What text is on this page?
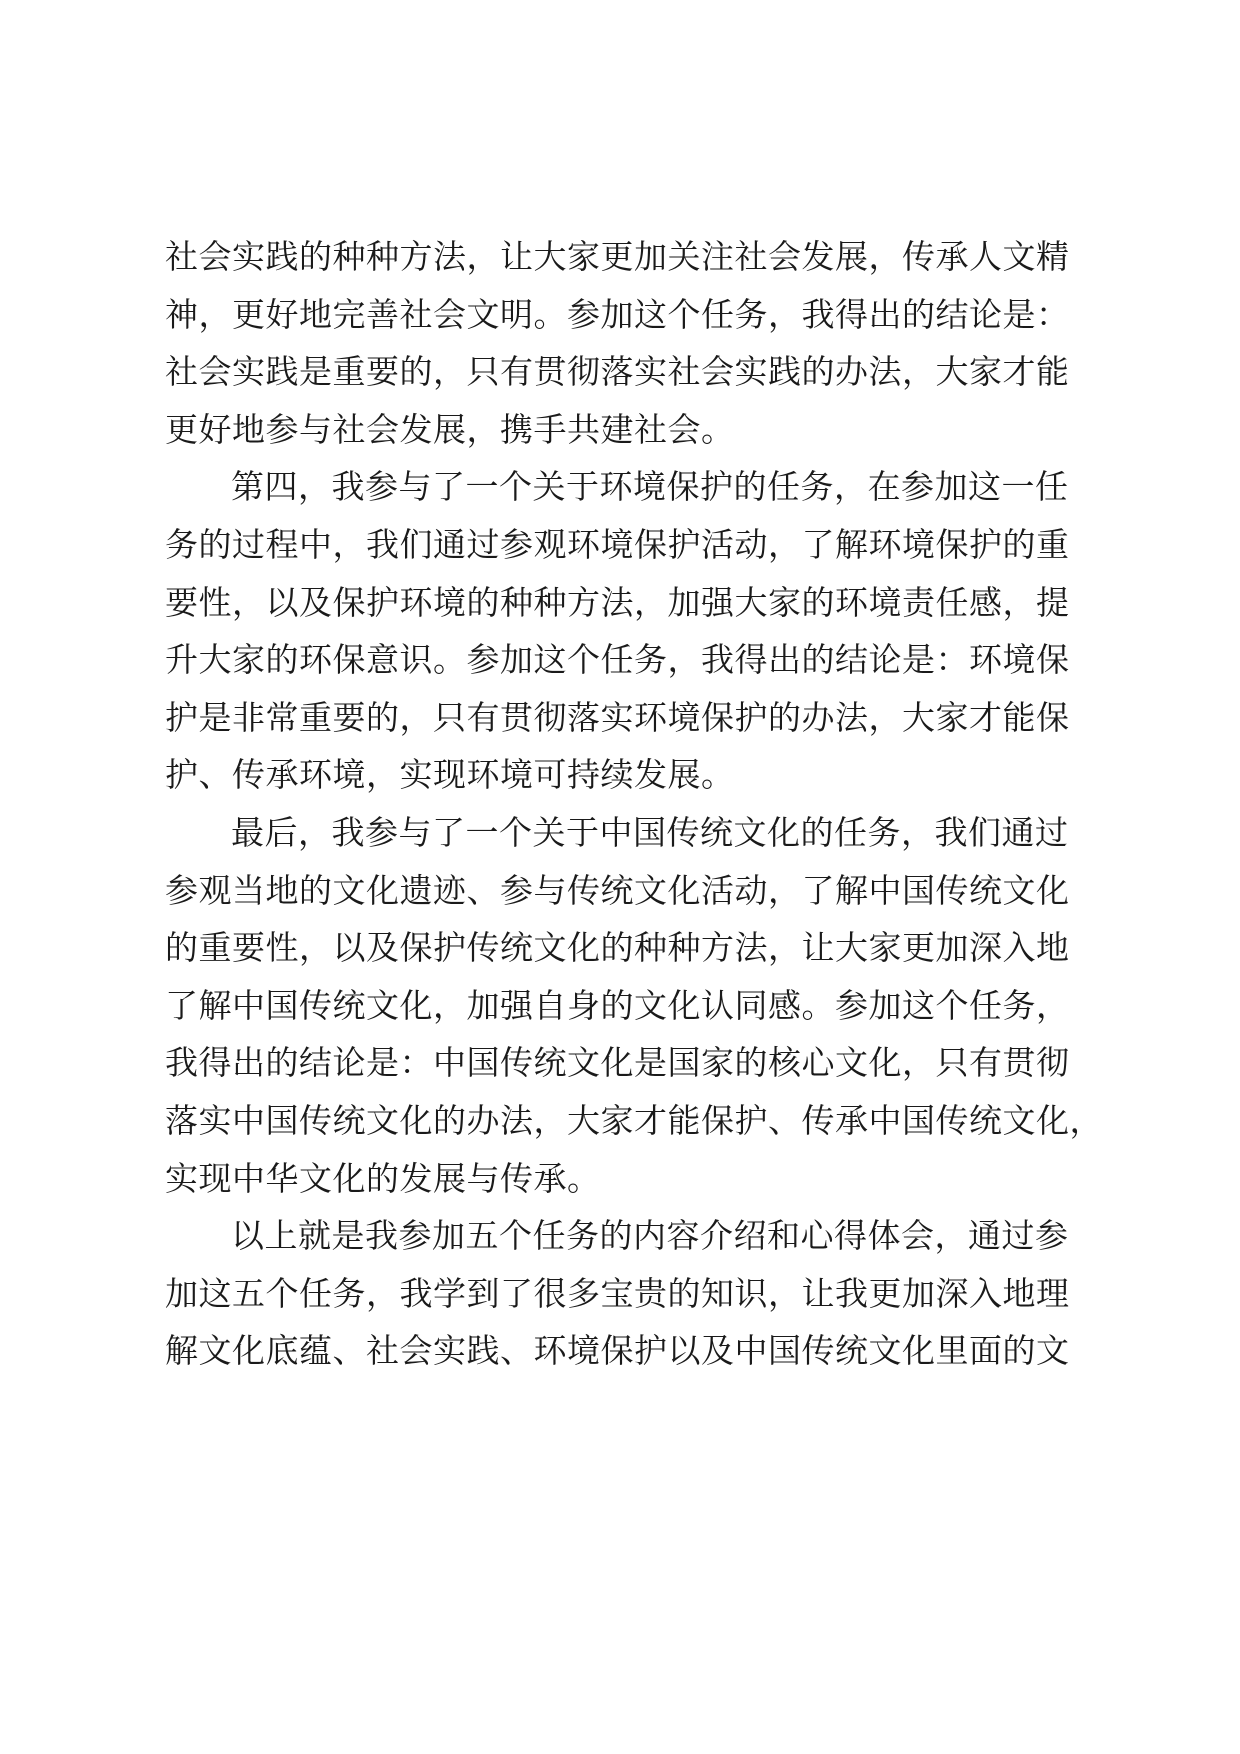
社会实践的种种方法，让大家更加关注社会发展，传承人文精
神，更好地完善社会文明。参加这个任务，我得出的结论是：
社会实践是重要的，只有贯彻落实社会实践的办法，大家才能
更好地参与社会发展，携手共建社会。
第四，我参与了一个关于环境保护的任务，在参加这一任
务的过程中，我们通过参观环境保护活动，了解环境保护的重
要性，以及保护环境的种种方法，加强大家的环境责任感，提
升大家的环保意识。参加这个任务，我得出的结论是：环境保
护是非常重要的，只有贯彻落实环境保护的办法，大家才能保
护、传承环境，实现环境可持续发展。
最后，我参与了一个关于中国传统文化的任务，我们通过
参观当地的文化遗迹、参与传统文化活动，了解中国传统文化
的重要性，以及保护传统文化的种种方法，让大家更加深入地
了解中国传统文化，加强自身的文化认同感。参加这个任务，
我得出的结论是：中国传统文化是国家的核心文化，只有贯彻
落实中国传统文化的办法，大家才能保护、传承中国传统文化，
实现中华文化的发展与传承。
以上就是我参加五个任务的内容介绍和心得体会，通过参
加这五个任务，我学到了很多宝贵的知识，让我更加深入地理
解文化底蕴、社会实践、环境保护以及中国传统文化里面的文
